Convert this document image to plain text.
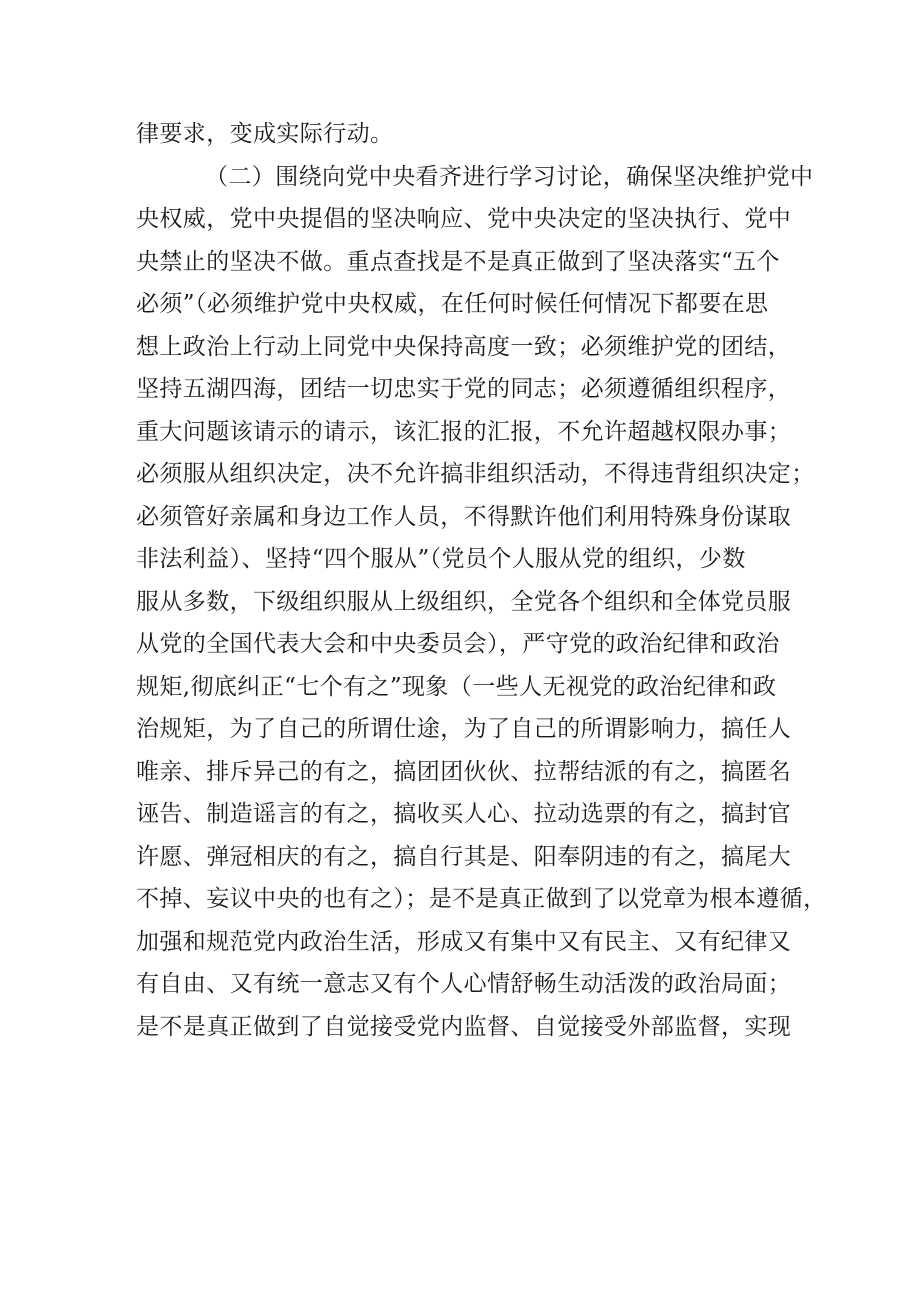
律要求，变成实际行动。
（二）围绕向党中央看齐进行学习讨论，确保坚决维护党中
央权威，党中央提倡的坚决响应、党中央决定的坚决执行、党中
央禁止的坚决不做。重点查找是不是真正做到了坚决落实“五个
必须”（必须维护党中央权威，在任何时候任何情况下都要在思
想上政治上行动上同党中央保持高度一致；必须维护党的团结，
坚持五湖四海，团结一切忠实于党的同志；必须遵循组织程序，
重大问题该请示的请示，该汇报的汇报，不允许超越权限办事；
必须服从组织决定，决不允许搞非组织活动，不得违背组织决定；
必须管好亲属和身边工作人员，不得默许他们利用特殊身份谋取
非法利益）、坚持“四个服从”（党员个人服从党的组织，少数
服从多数，下级组织服从上级组织，全党各个组织和全体党员服
从党的全国代表大会和中央委员会），严守党的政治纪律和政治
规矩,彻底纠正“七个有之”现象（一些人无视党的政治纪律和政
治规矩，为了自己的所谓仕途，为了自己的所谓影响力，搞任人
唯亲、排斥异己的有之，搞团团伙伙、拉帮结派的有之，搞匿名
诬告、制造谣言的有之，搞收买人心、拉动选票的有之，搞封官
许愿、弹冠相庆的有之，搞自行其是、阳奉阴违的有之，搞尾大
不掉、妄议中央的也有之）；是不是真正做到了以党章为根本遵循，
加强和规范党内政治生活，形成又有集中又有民主、又有纪律又
有自由、又有统一意志又有个人心情舒畅生动活泼的政治局面；
是不是真正做到了自觉接受党内监督、自觉接受外部监督，实现
